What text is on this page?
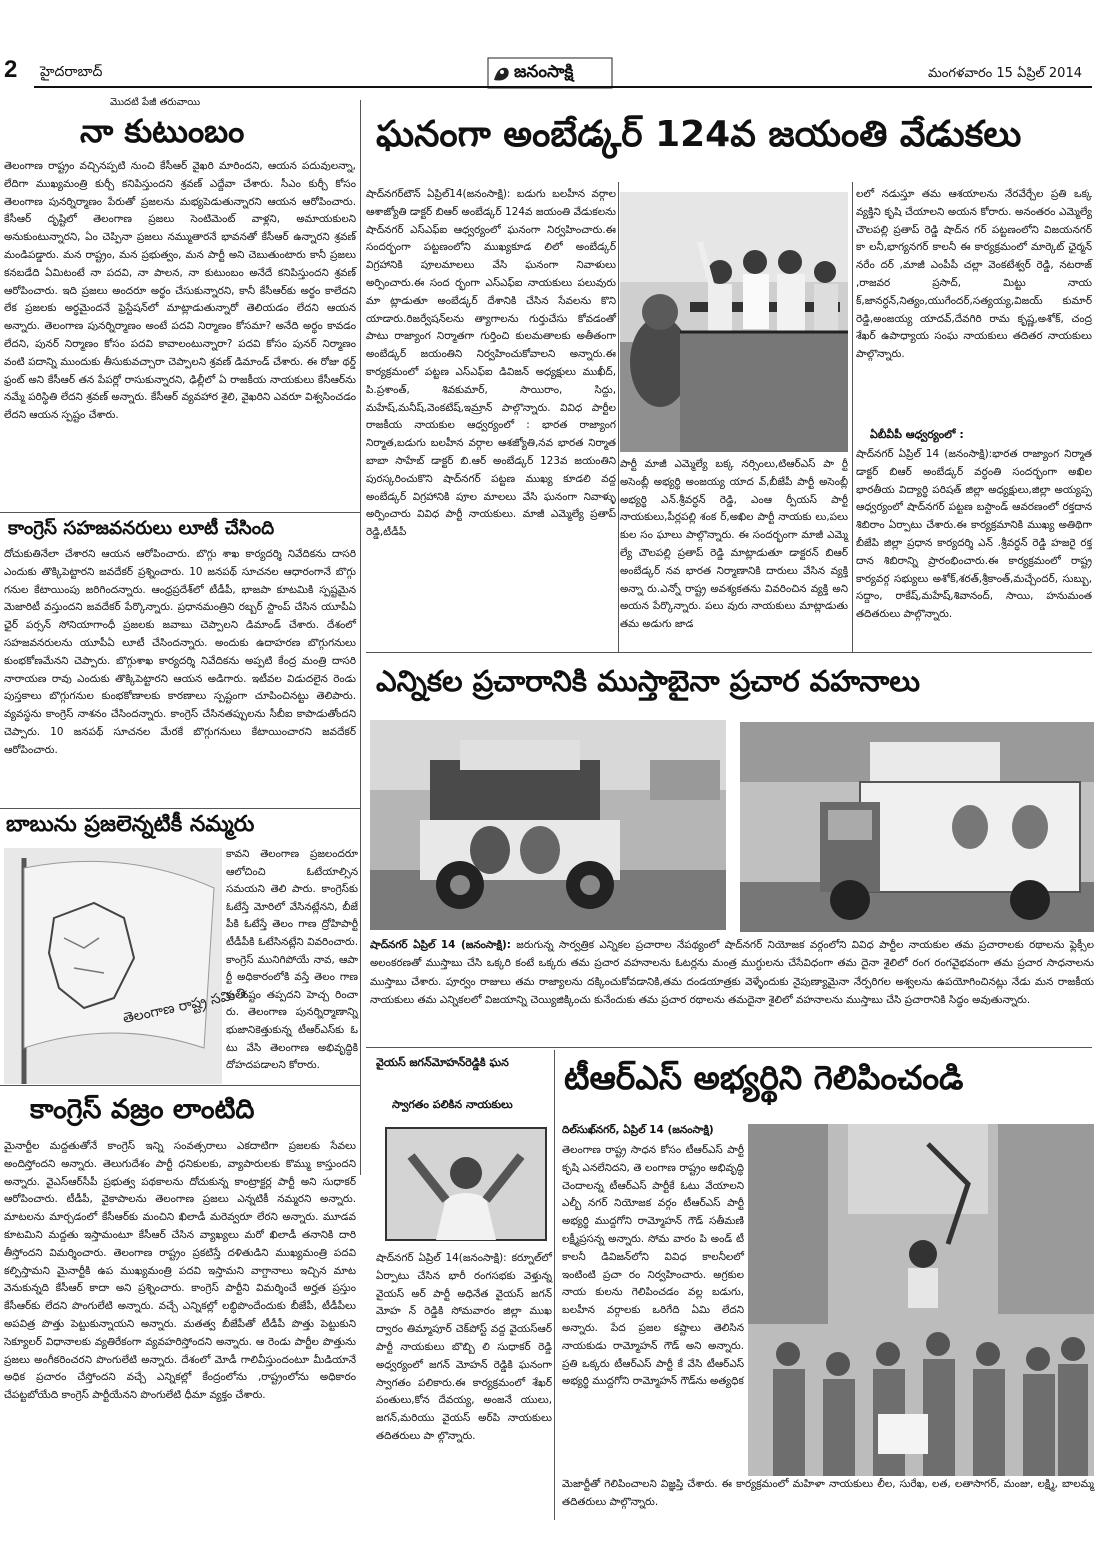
2 హైదరాబాద్	జనంసాక్షి	మంగళవారం 15 ఏప్రిల్ 2014
మొదటి పేజీ తరువాయి
నా కుటుంబం
తెలంగాణ రాష్ట్రం వచ్చినప్పటి నుంచి కేసీఆర్ వైఖరి మారిందని, ఆయన పదువులన్నా, లేదిగా ముఖ్యమంత్రి కుర్చీ కనిపిస్తుందని శ్రవణ్ ఎద్దేవా చేశారు. సీఎం కుర్చీ కోసం తెలంగాణ పునర్నిర్మాణం పేరుతో ప్రజలను మభ్యపెడుతున్నారని ఆయన ఆరోపించారు. కేసీఆర్ దృష్టిలో తెలంగాణ ప్రజలు సెంటిమెంట్ వాళ్లని, అమాయకులని అనుకుంటున్నారని, ఏం చెప్పినా ప్రజలు నమ్ముతారనే భావనతో కేసీఆర్ ఉన్నారని శ్రవణ్ మండిపడ్డారు. మన రాష్ట్రం, మన ప్రభుత్వం, మన పార్టీ అని చెబుతుంటారు కానీ ప్రజలు కనబడేది ఏమిటంటే నా పదవి, నా పాలన, నా కుటుంబం అనేదే కనిపిస్తుందని శ్రవణ్ ఆరోపించారు. ఇది ప్రజలు అందరూ అర్థం చేసుకున్నారని, కానీ కేసీఆర్‌కు అర్థం కాలేదని లేక ప్రజలకు అర్థమైందనే ఫ్రెస్టేషన్‌లో మాట్లాడుతున్నారో తెలియడం లేదని ఆయన అన్నారు. తెలంగాణ పునర్నిర్మాణం అంటే పదవి నిర్మాణం కోసమా? అనేది అర్థం కావడం లేదని, పునర్ నిర్మాణం కోసం పదవి కావాలంటున్నారా? పదవి కోసం పునర్ నిర్మాణం వంటి పదాన్ని ముందుకు తీసుకువచ్చారా చెప్పాలని శ్రవణ్ డిమాండ్ చేశారు. ఈ రోజు థర్డ్ ఫ్రంట్ అని కేసీఆర్ తన పేపర్లో రాసుకున్నారని, ఢిల్లీలో ఏ రాజకీయ నాయకులు కేసీఆర్‌ను నమ్మే పరిస్థితి లేదని శ్రవణ్ అన్నారు. కేసీఆర్ వ్యవహార శైలి, వైఖరిని ఎవరూ విశ్వసించడం లేదని ఆయన స్పష్టం చేశారు.
కాంగ్రెస్ సహజవనరులు లూటీ చేసింది
దోచుకుతినేలా చేశారని ఆయన ఆరోపించారు. బొగ్గు శాఖ కార్యదర్శి నివేదికను దాసరి ఎందుకు తొక్కిపెట్టారని జవదేకర్ ప్రశ్నించారు. 10 జనపథ్ సూచనల ఆధారంగానే బొగ్గు గనుల కేటాయింపు జరిగిందన్నారు. ఆంధ్రప్రదేశ్‌లో టీడీపీ, భాజపా కూటమికి స్పష్టమైన మెజారిటీ వస్తుందని జవదేకర్ పేర్కొన్నారు. ప్రధానమంత్రిని రబ్బర్ స్టాంప్ చేసిన యూపీఏ ఛైర్ పర్సన్ సోనియాగాంధీ ప్రజలకు జవాబు చెప్పాలని డిమాండ్ చేశారు. దేశంలో సహజవనరులను యూపీఏ లూటీ చేసిందన్నారు. అందుకు ఉదాహరణ బొగ్గుగనులు కుంభకోణమేనని చెప్పారు. బొగ్గుశాఖ కార్యదర్శి నివేదికను అప్పటి కేంద్ర మంత్రి దాసరి నారాయణ రావు ఎందుకు తొక్కిపెట్టారని ఆయన అడిగారు. ఇటీవల విడుదలైన రెండు పుస్తకాలు బొగ్గుగనుల కుంభకోణాలకు కారణాలు స్పష్టంగా చూపించినట్టు తెలిపారు. వ్యవస్థను కాంగ్రెస్ నాశనం చేసిందన్నారు. కాంగ్రెస్ చేసినతప్పులను సీబీఐ కాపాడుతోందని చెప్పారు. 10 జనపథ్ సూచనల మేరకే బొగ్గుగనులు కేటాయించారని జవదేకర్ ఆరోపించారు.
బాబును ప్రజలెన్నటికీ నమ్మరు
తెలంగాణ రాష్ట్ర సమితి
కావని తెలంగాణ ప్రజలందరూ ఆలోచించి ఓటేయాల్సిన సమయని తెలి పారు. కాంగ్రెస్‌కు ఓటేస్తే మోరిలో వేసినట్లేనని, బీజే పీకి ఓటేస్తే తెలం గాణ ద్రోహిపార్టీ టీడీపీకి ఓటేసినట్లేని వివరించారు. కాంగ్రెస్ మునిగిపోయే నావ, ఆపా ర్టీ అధికారంలోకి వస్తే తెలం గాణ కు నష్టం తప్పదని హెచ్చ రించా రు. తెలంగాణ పునర్నిర్మాణాన్ని భుజానికెత్తుకున్న టీఆర్ఎస్‌కు ఓ టు వేసి తెలంగాణ అభివృద్ధికి దోహదపడాలని కోరారు.
కాంగ్రెస్ వజ్రం లాంటిది
మైనార్టీల మద్దతుతోనే కాంగ్రెస్ ఇన్ని సంవత్సరాలు ఎకదాటిగా ప్రజలకు సేవలు అందిస్తోందని అన్నారు. తెలుగుదేశం పార్టీ ధనికులకు, వ్యాపారులకు కొమ్ము కాస్తుందని అన్నారు. వైఎస్ఆర్‌సీపీ ప్రభుత్వ పథకాలను దోచుకున్న కాంట్రాక్టర్ల పార్టీ అని సుధాకర్ ఆరోపించారు. టీడీపీ, వైకాపాలను తెలంగాణ ప్రజలు ఎన్నటికీ నమ్మరని అన్నారు. మాటలను మార్చడంలో కేసీఆర్‌కు మంచిని ఖిలాడీ మరెవ్వరూ లేరని అన్నారు. మూడవ కూటమిని మద్దతు ఇస్తామంటూ కేసీఆర్ చేసిన వ్యాఖ్యలు మరో ఖిలాడీ తనానికి దారి తీస్తోందని విమర్శించారు. తెలంగాణ రాష్ట్రం ప్రకటిస్తే దళితుడిని ముఖ్యమంత్రి పదవి కల్పిస్తామని మైనార్టీకి ఉప ముఖ్యమంత్రి పదవి ఇస్తామని వాగ్దానాలు ఇచ్చిన మాట వెనుకున్నది కేసీఆర్ కాదా అని ప్రశ్నించారు. కాంగ్రెస్ పార్టీని విమర్శించే అర్హత ప్రస్తుం కేసీఆర్‌కు లేదని పొంగులేటి అన్నారు. వచ్చే ఎన్నికల్లో లబ్ధిపొందేందుకు బీజేపీ, టీడీపీలు అపవిత్ర పొత్తు పెట్టుకున్నాయని అన్నారు. మతత్వ బీజేపీతో టీడీపీ పొత్తు పెట్టుకుని సెక్యూలర్ విధానాలకు వ్యతిరేకంగా వ్యవహరిస్తోందని అన్నారు. ఆ రెండు పార్టీల పొత్తును ప్రజలు అంగీకరించరని పొంగులేటి అన్నారు. దేశంలో మోడీ గాలివీస్తుందంటూ మీడియానే అధిక ప్రచారం చేస్తోందని వచ్చే ఎన్నికల్లో కేంద్రంలోను ,రాష్ట్రంలోను అధికారం చేపట్టబోయేది కాంగ్రెస్ పార్టీయేనని పొంగులేటి ధీమా వ్యక్తం చేశారు.
ఘనంగా అంబేడ్కర్ 124వ జయంతి వేడుకలు
షాద్‌నగర్‌టౌన్ ఏప్రిల్14(జనంసాక్షి): బడుగు బలహీన వర్గాల ఆశాజ్యోతి డాక్టర్ బిఆర్ అంబేడ్కర్ 124వ జయంతి వేడుకలను షాద్‌నగర్ ఎస్ఎఫ్ఐ ఆధ్వర్యంలో ఘనంగా నిర్వహించారు.ఈ సందర్భంగా పట్టణంలోని ముఖ్యకూడ లిలో అంబేడ్కర్ విగ్రహానికి పూలమాలలు వేసి ఘనంగా నివాళులు అర్పించారు.ఈ సంద ర్భంగా ఎస్ఎఫ్ఐ నాయకులు పలువురు మా ట్లాడుతూ అంబేడ్కర్ దేశానికి చేసిన సేవలను కొని యాడారు.రిజర్వేషన్‌లను త్యాగాలను గుర్తుచేసు కోవడంతో పాటు రాజ్యాంగ నిర్మాతగా గుర్తించి కులమతాలకు అతీతంగా అంబేడ్కర్ జయంతిని నిర్వహించుకోవాలని అన్నారు.ఈ కార్యక్రమంలో పట్టణ ఎస్ఎఫ్ఐ డివిజన్ అధ్యక్షులు ముఖీద్, పి.ప్రశాంత్, శివకుమార్, సాయిరాం, సిద్దు, మహేష్,మనీష్,వెంకటేష్,ఇమ్రాన్ పాల్గొన్నారు. వివిధ పార్టీల రాజకీయ నాయకుల ఆధ్వర్యంలో : భారత రాజ్యాంగ నిర్మాత,బడుగు బలహీన వర్గాల ఆశజ్యోతి,నవ భారత నిర్మాత బాబా సాహేబ్ డాక్టర్ బి.ఆర్ అంబేడ్కర్ 123వ జయంతిని పురస్కరించుకొని షాద్‌నగర్ పట్టణ ముఖ్య కూడలి వద్ద అంబేడ్కర్ విగ్రహానికి పూల మాలలు వేసి ఘనంగా నివాళ్ళు అర్పించారు వివిధ పార్టీ నాయకులు. మాజీ ఎమ్మెల్యే ప్రతాప్ రెడ్డి,టీడీపీ
పార్టీ మాజీ ఎమ్మెల్యే బక్క నర్సింలు,టిఆర్ఎస్ పా ర్టీ అసెంబ్లీ అభ్యర్థి అంజయ్య యాద వ్,బీజేపీ పార్టీ అసెంబ్లీ అభ్యర్థి ఎన్.శ్రీవర్ధన్ రెడ్డి, ఎంఆ ర్పీయస్ పార్టీ నాయకులు,పీర్లపల్లి శంక ర్,అఖిల పార్టీ నాయకు లు,పలు కుల సం ఘాలు పాల్గొన్నారు. ఈ సందర్భంగా మాజీ ఎమ్మె ల్యే చౌలపల్లి ప్రతాప్ రెడ్డి మాట్లాడుతూ డాక్టరన్ బిఆర్ అంబేడ్కర్ నవ భారత నిర్మాణానికి దారులు వేసిన వ్యక్తి అన్నా రు.ఎన్నో రాష్ట్ర అవశ్యకతను వివరించిన వ్యక్తి అని అయన పేర్కొన్నారు. పలు వురు నాయకులు మాట్లాడుతు తమ అడుగు జాడ
లలో నడుస్తూ తమ ఆశయాలను నేరవేర్చేల ప్రతి ఒక్క వ్యక్తిని కృషి చేయాలని అయన కోరారు. అనంతరం ఎమ్మెల్యే చౌలపల్లి ప్రతాప్ రెడ్డి షాద్‌న గర్ పట్టణంలోని విజయనగర్ కా లనీ,భాగ్యనగర్ కాలనీ ఈ కార్యక్రమంలో మార్కెట్ ఛైర్మన్ నరేం దర్ ,మాజీ ఎంపీపీ చల్లా వెంకటేశ్వర్ రెడ్డి, నటరాజ్ ,రాజవర ప్రసాద్, మిట్టు నాయ క్,జానర్ధన్,నిత్యం,యుగేందర్,సత్యయ్య,విజయ్ కుమార్ రెడ్డి,అంజయ్య యాదవ్,దేవగిరి రామ కృష్ణ,అశోక్, చంద్ర శేఖర్ ఉపాధ్యాయ సంఘ నాయకులు తదితర నాయకులు పాల్గొన్నారు.
ఏబీవీపీ ఆధ్వర్యంలో :
షాద్‌నగర్ ఏప్రిల్ 14 (జనంసాక్షి):భారత రాజ్యాంగ నిర్మాత డాక్టర్ బిఆర్ అంబేడ్కర్ వర్ధంతి సందర్భంగా అఖిల భారతీయ విద్యార్థి పరిషత్ జిల్లా అధ్యక్షులు,జిల్లా అయ్యప్ప ఆధ్వర్యంలో షాద్‌నగర్ పట్టణ బస్టాండ్ ఆవరణంలో రక్తదాన శిబిరాం ఏర్పాటు చేశారు.ఈ కార్యక్రమానికి ముఖ్య అతిథిగా బీజేపి జిల్లా ప్రధాన కార్యదర్శి ఎన్ .శ్రీవర్ధన్ రెడ్డి హజరై రక్త దాన శిబిరాన్ని ప్రారంభించారు.ఈ కార్యక్రమంలో రాష్ట్ర కార్యవర్గ సభ్యులు అశోక్,శరత్,శ్రీకాంత్,మచ్చేందర్, సుబ్బు, సద్దాం, రాకేష్,మహేష్,శివానంద్, సాయి, హనుమంత తదితరులు పాల్గొన్నారు.
ఎన్నికల ప్రచారానికి ముస్తాబైనా ప్రచార వహనాలు
షాద్‌నగర్ ఏప్రిల్ 14 (జనంసాక్షి): జరుగున్న సార్వత్రిక ఎన్నికల ప్రచారాల నేపథ్యంలో షాద్‌నగర్ నియోజక వర్గంలోని వివిధ పార్టీల నాయకుల తమ ప్రచారాలకు రథాలను ఫ్లెక్సీల అలంకరణతో ముస్తాబు చేసి ఒక్కరి కంటే ఒక్కరు తమ ప్రచార వహనాలను ఓటర్లను మంత్ర ముగ్ధులను చేసేవిధంగా తమ దైనా శైలిలో రంగ రంగవైభవంగా తమ ప్రచార సాధనాలను ముస్తాబు చేశారు. పూర్వం రాజులు తమ రాజ్యాలను దక్కించుకోవడానికి,తమ దండయాత్రకు వెళ్ళేందుకు నైపుణ్యామైనా నేర్పరిగల అశ్వలను ఉపయోగించినట్లు నేడు మన రాజకీయ నాయకులు తమ ఎన్నికలలో విజయాన్ని చెయ్యిజిక్కించు కునేందుకు తమ ప్రచార రథాలను తమదైనా శైలిలో వహనాలను ముస్తాబు చేసి ప్రచారానికి సిద్ధం అవుతున్నారు.
వైయస్ జగన్‌మోహన్‌రెడ్డికి ఘన
స్వాగతం పలికిన నాయకులు
షాద్‌నగర్ ఏప్రిల్ 14(జనంసాక్షి): కర్నూల్‌లో ఏర్పాటు చేసిన భారీ రంగసభకు వెళ్తున్న వైయస్ అర్ పార్టీ అధినేత వైయస్ జగన్ మోహ న్ రెడ్డికి సోమవారం జిల్లా ముఖ ద్వారం తిమ్మాపూర్ చెక్‌పోస్ట్ వద్ద వైయస్‌ఆర్ పార్టీ నాయకులు బొబ్బి లి సుధాకర్ రెడ్డి అధ్వర్యంలో జగన్ మోహన్ రెడ్డికి ఘనంగా స్వాగతం పలికారు.ఈ కార్యక్రమంలో శేఖర్ పంతులు,కోన దేవయ్య, అంజనే యులు, జగన్,మరియు వైయస్ అర్‌పి నాయకులు తదితరులు పా ల్గొన్నారు.
టీఆర్ఎస్ అభ్యర్థిని గెలిపించండి
దిల్‌సుఖ్‌నగర్, ఏప్రిల్ 14 (జనంసాక్షి)
తెలంగాణ రాష్ట్ర సాధన కోసం టీఆర్ఎస్ పార్టీ కృషి ఎనలేనిదని, తె లంగాణ రాష్ట్రం అభివృద్ధి చెందాలన్న టీఆర్ఎస్ పార్టీకే ఓటు వేయాలని ఎల్బీ నగర్ నియోజక వర్గం టీఆర్ఎస్ పార్టీ అభ్యర్థి ముద్దగోని రామ్మోహన్ గౌడ్ సతీమణి లక్ష్మీప్రసన్న అన్నారు. సోమ వారం పి అండ్ టీ కాలనీ డివిజన్‌లోని వివిధ కాలనీలలో ఇంటింటి ప్రచా రం నిర్వహించారు. అగ్రకుల నాయ కులను గెలిపించడం వల్ల బడుగు, బలహీన వర్గాలకు ఒరిగేది ఏమి లేదని అన్నారు. పేద ప్రజల కష్టాలు తెలిసిన నాయకుడు రామ్మోహన్ గౌడ్ అని అన్నారు. ప్రతి ఒక్కరు టీఆర్ఎస్ పార్టీ కే వేసి టీఆర్ఎస్ అభ్యర్థి ముద్దగోని రామ్మోహన్ గౌడ్‌ను అత్యధిక
మెజార్టీతో గెలిపించాలని విజ్ఞప్తి చేశారు. ఈ కార్యక్రమంలో మహిళా నాయకులు లీల, సురేఖ, లత, లతాసాగర్, మంజు, లక్ష్మి, బాలమ్మ తదితరులు పాల్గొన్నారు.
